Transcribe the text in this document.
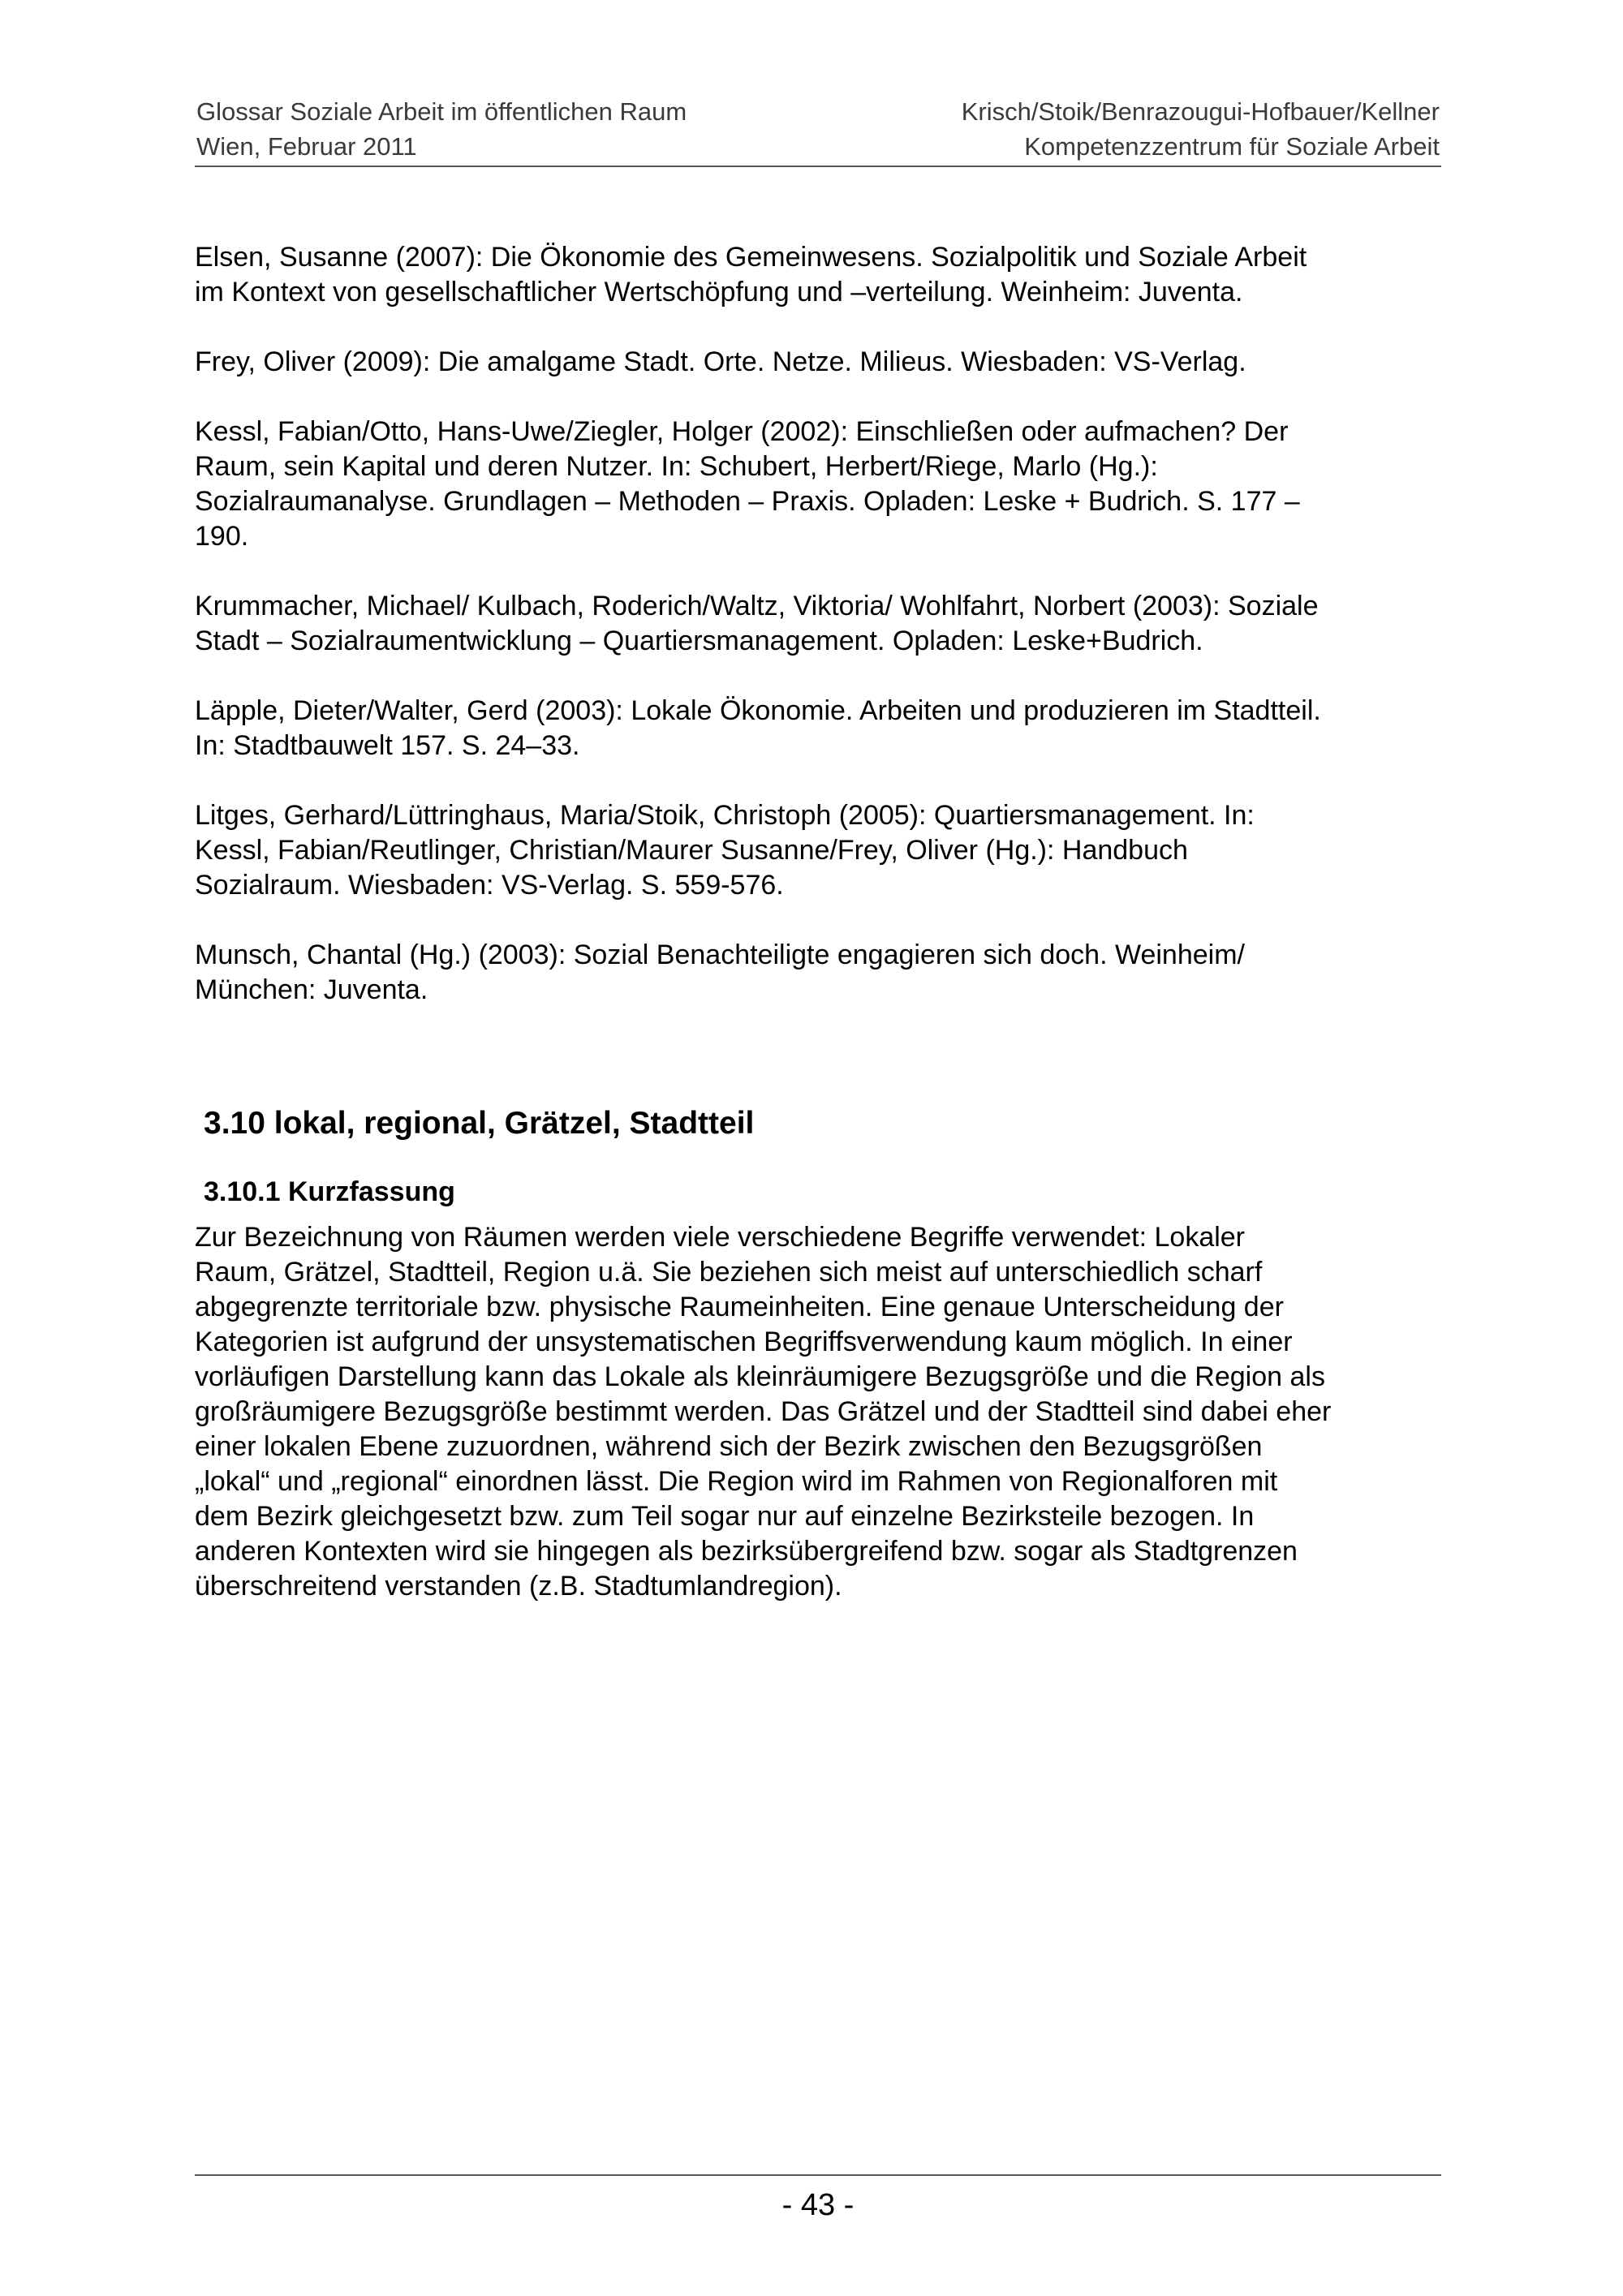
Glossar Soziale Arbeit im öffentlichen Raum
Wien, Februar 2011
Krisch/Stoik/Benrazougui-Hofbauer/Kellner
Kompetenzzentrum für Soziale Arbeit
Elsen, Susanne (2007): Die Ökonomie des Gemeinwesens. Sozialpolitik und Soziale Arbeit
im Kontext von gesellschaftlicher Wertschöpfung und –verteilung. Weinheim: Juventa.
Frey, Oliver (2009): Die amalgame Stadt. Orte. Netze. Milieus. Wiesbaden: VS-Verlag.
Kessl, Fabian/Otto, Hans-Uwe/Ziegler, Holger (2002): Einschließen oder aufmachen? Der
Raum, sein Kapital und deren Nutzer. In: Schubert, Herbert/Riege, Marlo (Hg.):
Sozialraumanalyse. Grundlagen – Methoden – Praxis. Opladen: Leske + Budrich. S. 177 –
190.
Krummacher, Michael/ Kulbach, Roderich/Waltz, Viktoria/ Wohlfahrt, Norbert (2003): Soziale
Stadt – Sozialraumentwicklung – Quartiersmanagement. Opladen: Leske+Budrich.
Läpple, Dieter/Walter, Gerd (2003): Lokale Ökonomie. Arbeiten und produzieren im Stadtteil.
In: Stadtbauwelt 157. S. 24–33.
Litges, Gerhard/Lüttringhaus, Maria/Stoik, Christoph (2005): Quartiersmanagement. In:
Kessl, Fabian/Reutlinger, Christian/Maurer Susanne/Frey, Oliver (Hg.): Handbuch
Sozialraum. Wiesbaden: VS-Verlag. S. 559-576.
Munsch, Chantal (Hg.) (2003): Sozial Benachteiligte engagieren sich doch. Weinheim/
München: Juventa.
3.10 lokal, regional, Grätzel, Stadtteil
3.10.1 Kurzfassung
Zur Bezeichnung von Räumen werden viele verschiedene Begriffe verwendet: Lokaler
Raum, Grätzel, Stadtteil, Region u.ä. Sie beziehen sich meist auf unterschiedlich scharf
abgegrenzte territoriale bzw. physische Raumeinheiten. Eine genaue Unterscheidung der
Kategorien ist aufgrund der unsystematischen Begriffsverwendung kaum möglich. In einer
vorläufigen Darstellung kann das Lokale als kleinräumigere Bezugsgröße und die Region als
großräumigere Bezugsgröße bestimmt werden. Das Grätzel und der Stadtteil sind dabei eher
einer lokalen Ebene zuzuordnen, während sich der Bezirk zwischen den Bezugsgrößen
„lokal“ und „regional“ einordnen lässt. Die Region wird im Rahmen von Regionalforen mit
dem Bezirk gleichgesetzt bzw. zum Teil sogar nur auf einzelne Bezirksteile bezogen. In
anderen Kontexten wird sie hingegen als bezirksübergreifend bzw. sogar als Stadtgrenzen
überschreitend verstanden (z.B. Stadtumlandregion).
- 43 -
